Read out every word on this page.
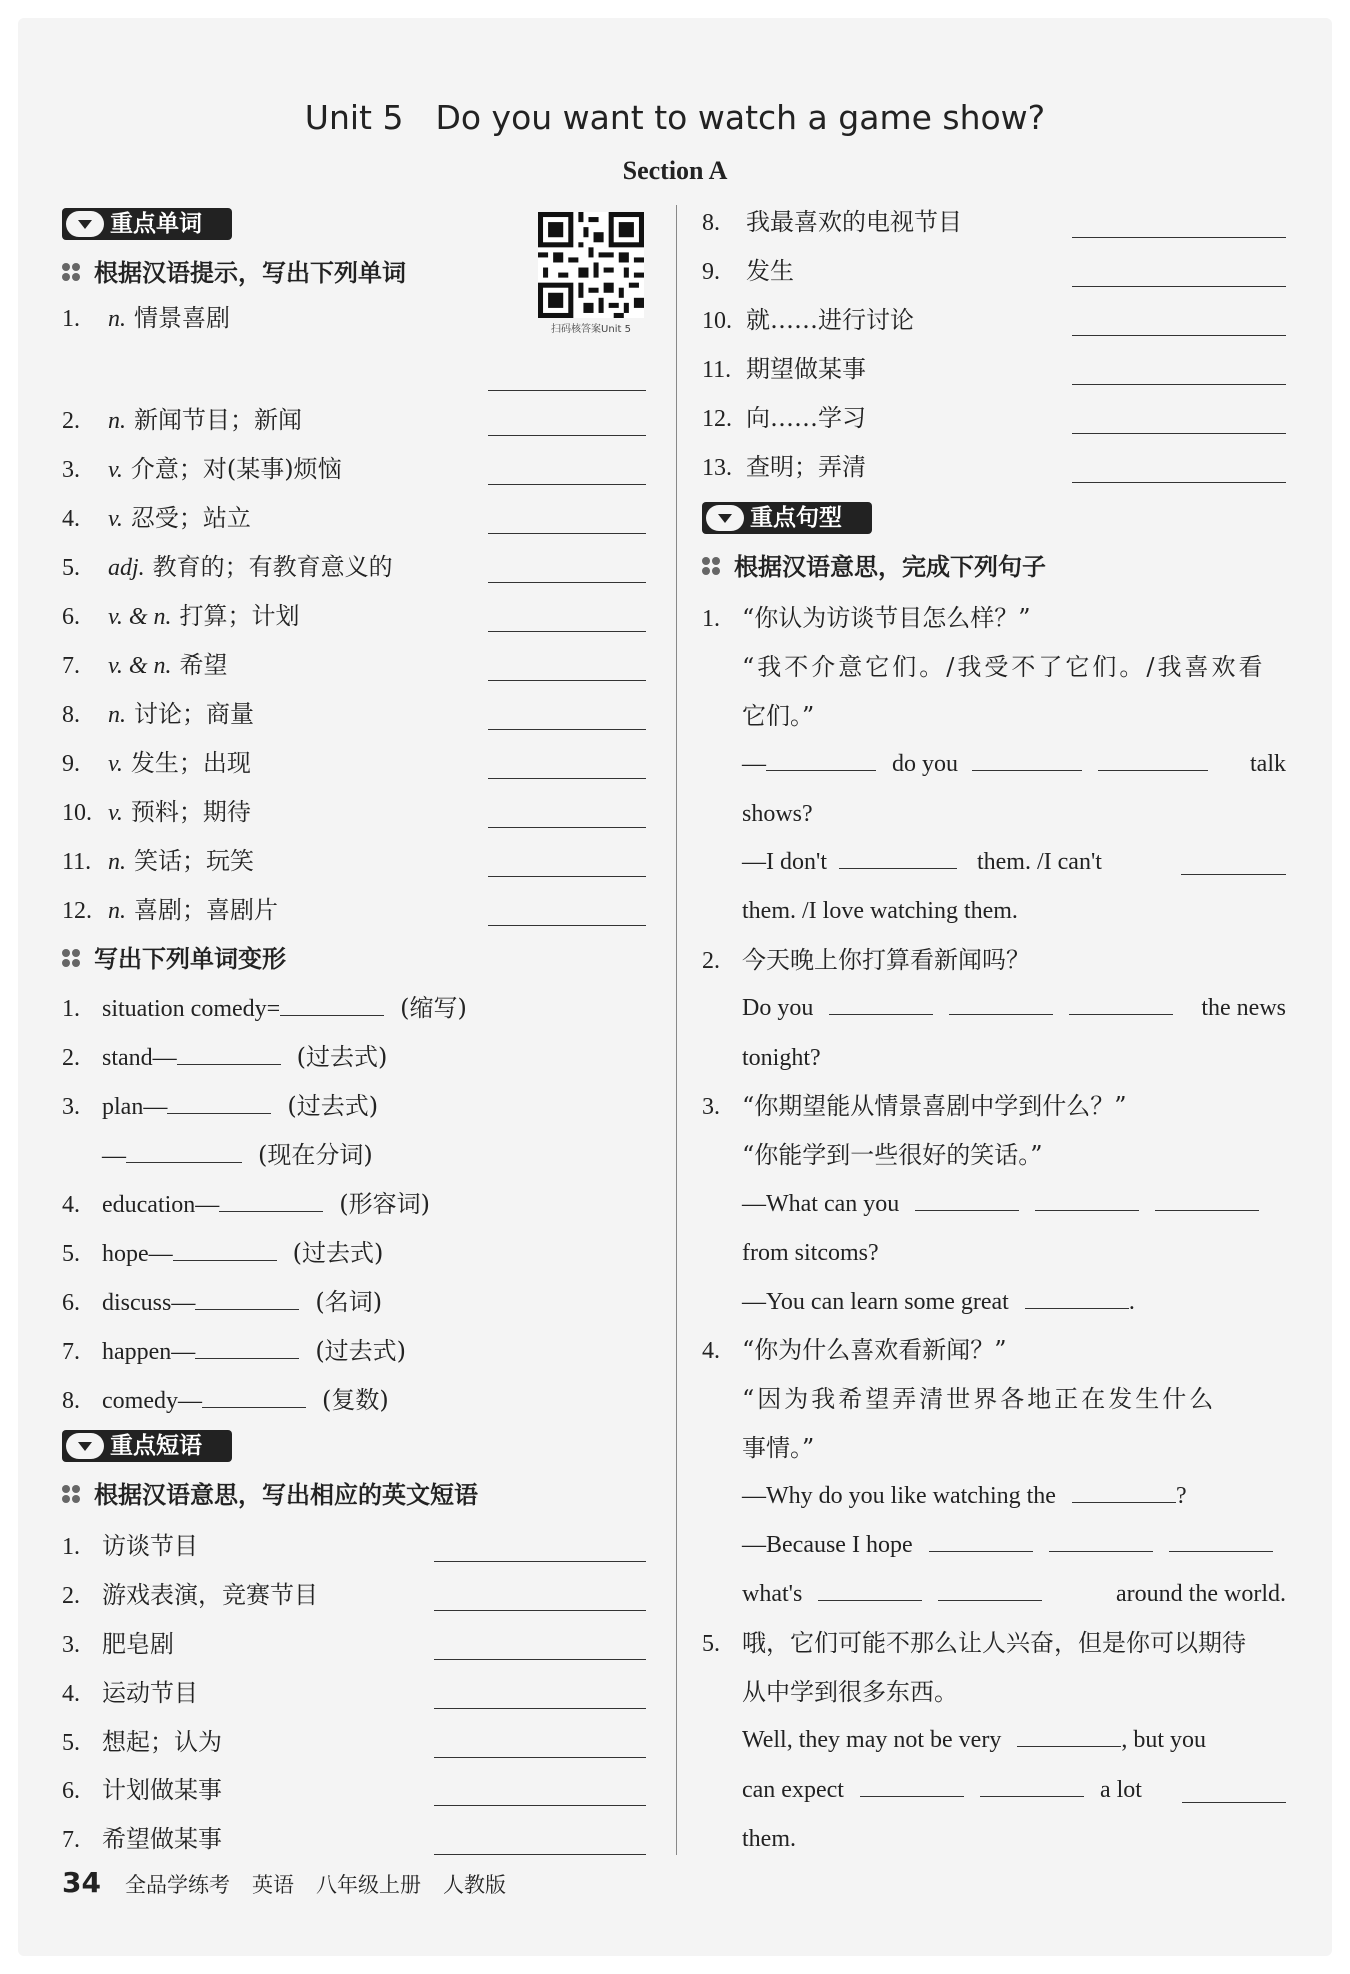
Unit 5 Do you want to watch a game show?
Section A
扫码核答案Unit 5
重点单词
根据汉语提示，写出下列单词
1. n. 情景喜剧
2. n. 新闻节目；新闻
3. v. 介意；对(某事)烦恼
4. v. 忍受；站立
5. adj. 教育的；有教育意义的
6. v. & n. 打算；计划
7. v. & n. 希望
8. n. 讨论；商量
9. v. 发生；出现
10. v. 预料；期待
11. n. 笑话；玩笑
12. n. 喜剧；喜剧片
写出下列单词变形
1. situation comedy=	(缩写)
2. stand—	(过去式)
3. plan—	(过去式)
—	(现在分词)
4. education—	(形容词)
5. hope—	(过去式)
6. discuss—	(名词)
7. happen—	(过去式)
8. comedy—	(复数)
重点短语
根据汉语意思，写出相应的英文短语
1. 访谈节目
2. 游戏表演，竞赛节目
3. 肥皂剧
4. 运动节目
5. 想起；认为
6. 计划做某事
7. 希望做某事
8. 我最喜欢的电视节目
9. 发生
10. 就……进行讨论
11. 期望做某事
12. 向……学习
13. 查明；弄清
重点句型
根据汉语意思，完成下列句子
1. “你认为访谈节目怎么样？”
“我不介意它们。/我受不了它们。/我喜欢看
它们。”
—	do you	talk
shows?
—I don't	them. /I can't
them. /I love watching them.
2. 今天晚上你打算看新闻吗？
Do you	the news
tonight?
3. “你期望能从情景喜剧中学到什么？”
“你能学到一些很好的笑话。”
—What can you
from sitcoms?
—You can learn some great	.
4. “你为什么喜欢看新闻？”
“因为我希望弄清世界各地正在发生什么
事情。”
—Why do you like watching the	?
—Because I hope
what's	around the world.
5. 哦，它们可能不那么让人兴奋，但是你可以期待
从中学到很多东西。
Well, they may not be very	, but you
can expect	a lot
them.
34 全品学练考 英语 八年级上册 人教版
